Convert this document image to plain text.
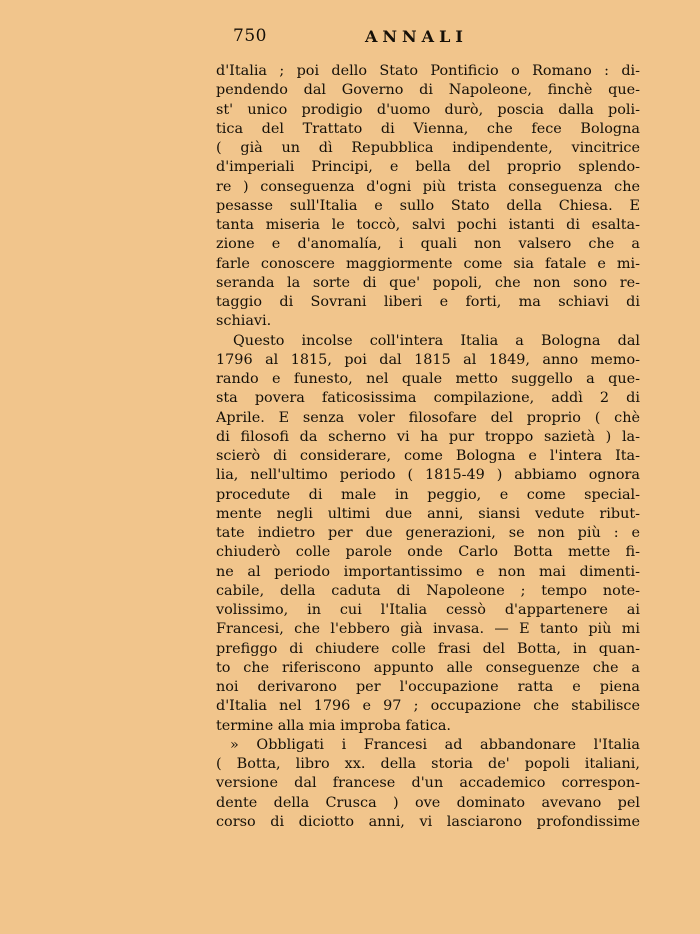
750	ANNALI
d'Italia ; poi dello Stato Pontificio o Romano : di-
pendendo dal Governo di Napoleone, finchè que-
st' unico prodigio d'uomo durò, poscia dalla poli-
tica del Trattato di Vienna, che fece Bologna
( già un dì Repubblica indipendente, vincitrice
d'imperiali Principi, e bella del proprio splendo-
re ) conseguenza d'ogni più trista conseguenza che
pesasse sull'Italia e sullo Stato della Chiesa. E
tanta miseria le toccò, salvi pochi istanti di esalta-
zione e d'anomalía, i quali non valsero che a
farle conoscere maggiormente come sia fatale e mi-
seranda la sorte di que' popoli, che non sono re-
taggio di Sovrani liberi e forti, ma schiavi di
schiavi.
Questo incolse coll'intera Italia a Bologna dal
1796 al 1815, poi dal 1815 al 1849, anno memo-
rando e funesto, nel quale metto suggello a que-
sta povera faticosissima compilazione, addì 2 di
Aprile. E senza voler filosofare del proprio ( chè
di filosofi da scherno vi ha pur troppo sazietà ) la-
scierò di considerare, come Bologna e l'intera Ita-
lia, nell'ultimo periodo ( 1815-49 ) abbiamo ognora
procedute di male in peggio, e come special-
mente negli ultimi due anni, siansi vedute ribut-
tate indietro per due generazioni, se non più : e
chiuderò colle parole onde Carlo Botta mette fi-
ne al periodo importantissimo e non mai dimenti-
cabile, della caduta di Napoleone ; tempo note-
volissimo, in cui l'Italia cessò d'appartenere ai
Francesi, che l'ebbero già invasa. — E tanto più mi
prefiggo di chiudere colle frasi del Botta, in quan-
to che riferiscono appunto alle conseguenze che a
noi derivarono per l'occupazione ratta e piena
d'Italia nel 1796 e 97 ; occupazione che stabilisce
termine alla mia improba fatica.
» Obbligati i Francesi ad abbandonare l'Italia
( Botta, libro xx. della storia de' popoli italiani,
versione dal francese d'un accademico correspon-
dente della Crusca ) ove dominato avevano pel
corso di diciotto anni, vi lasciarono profondissime
